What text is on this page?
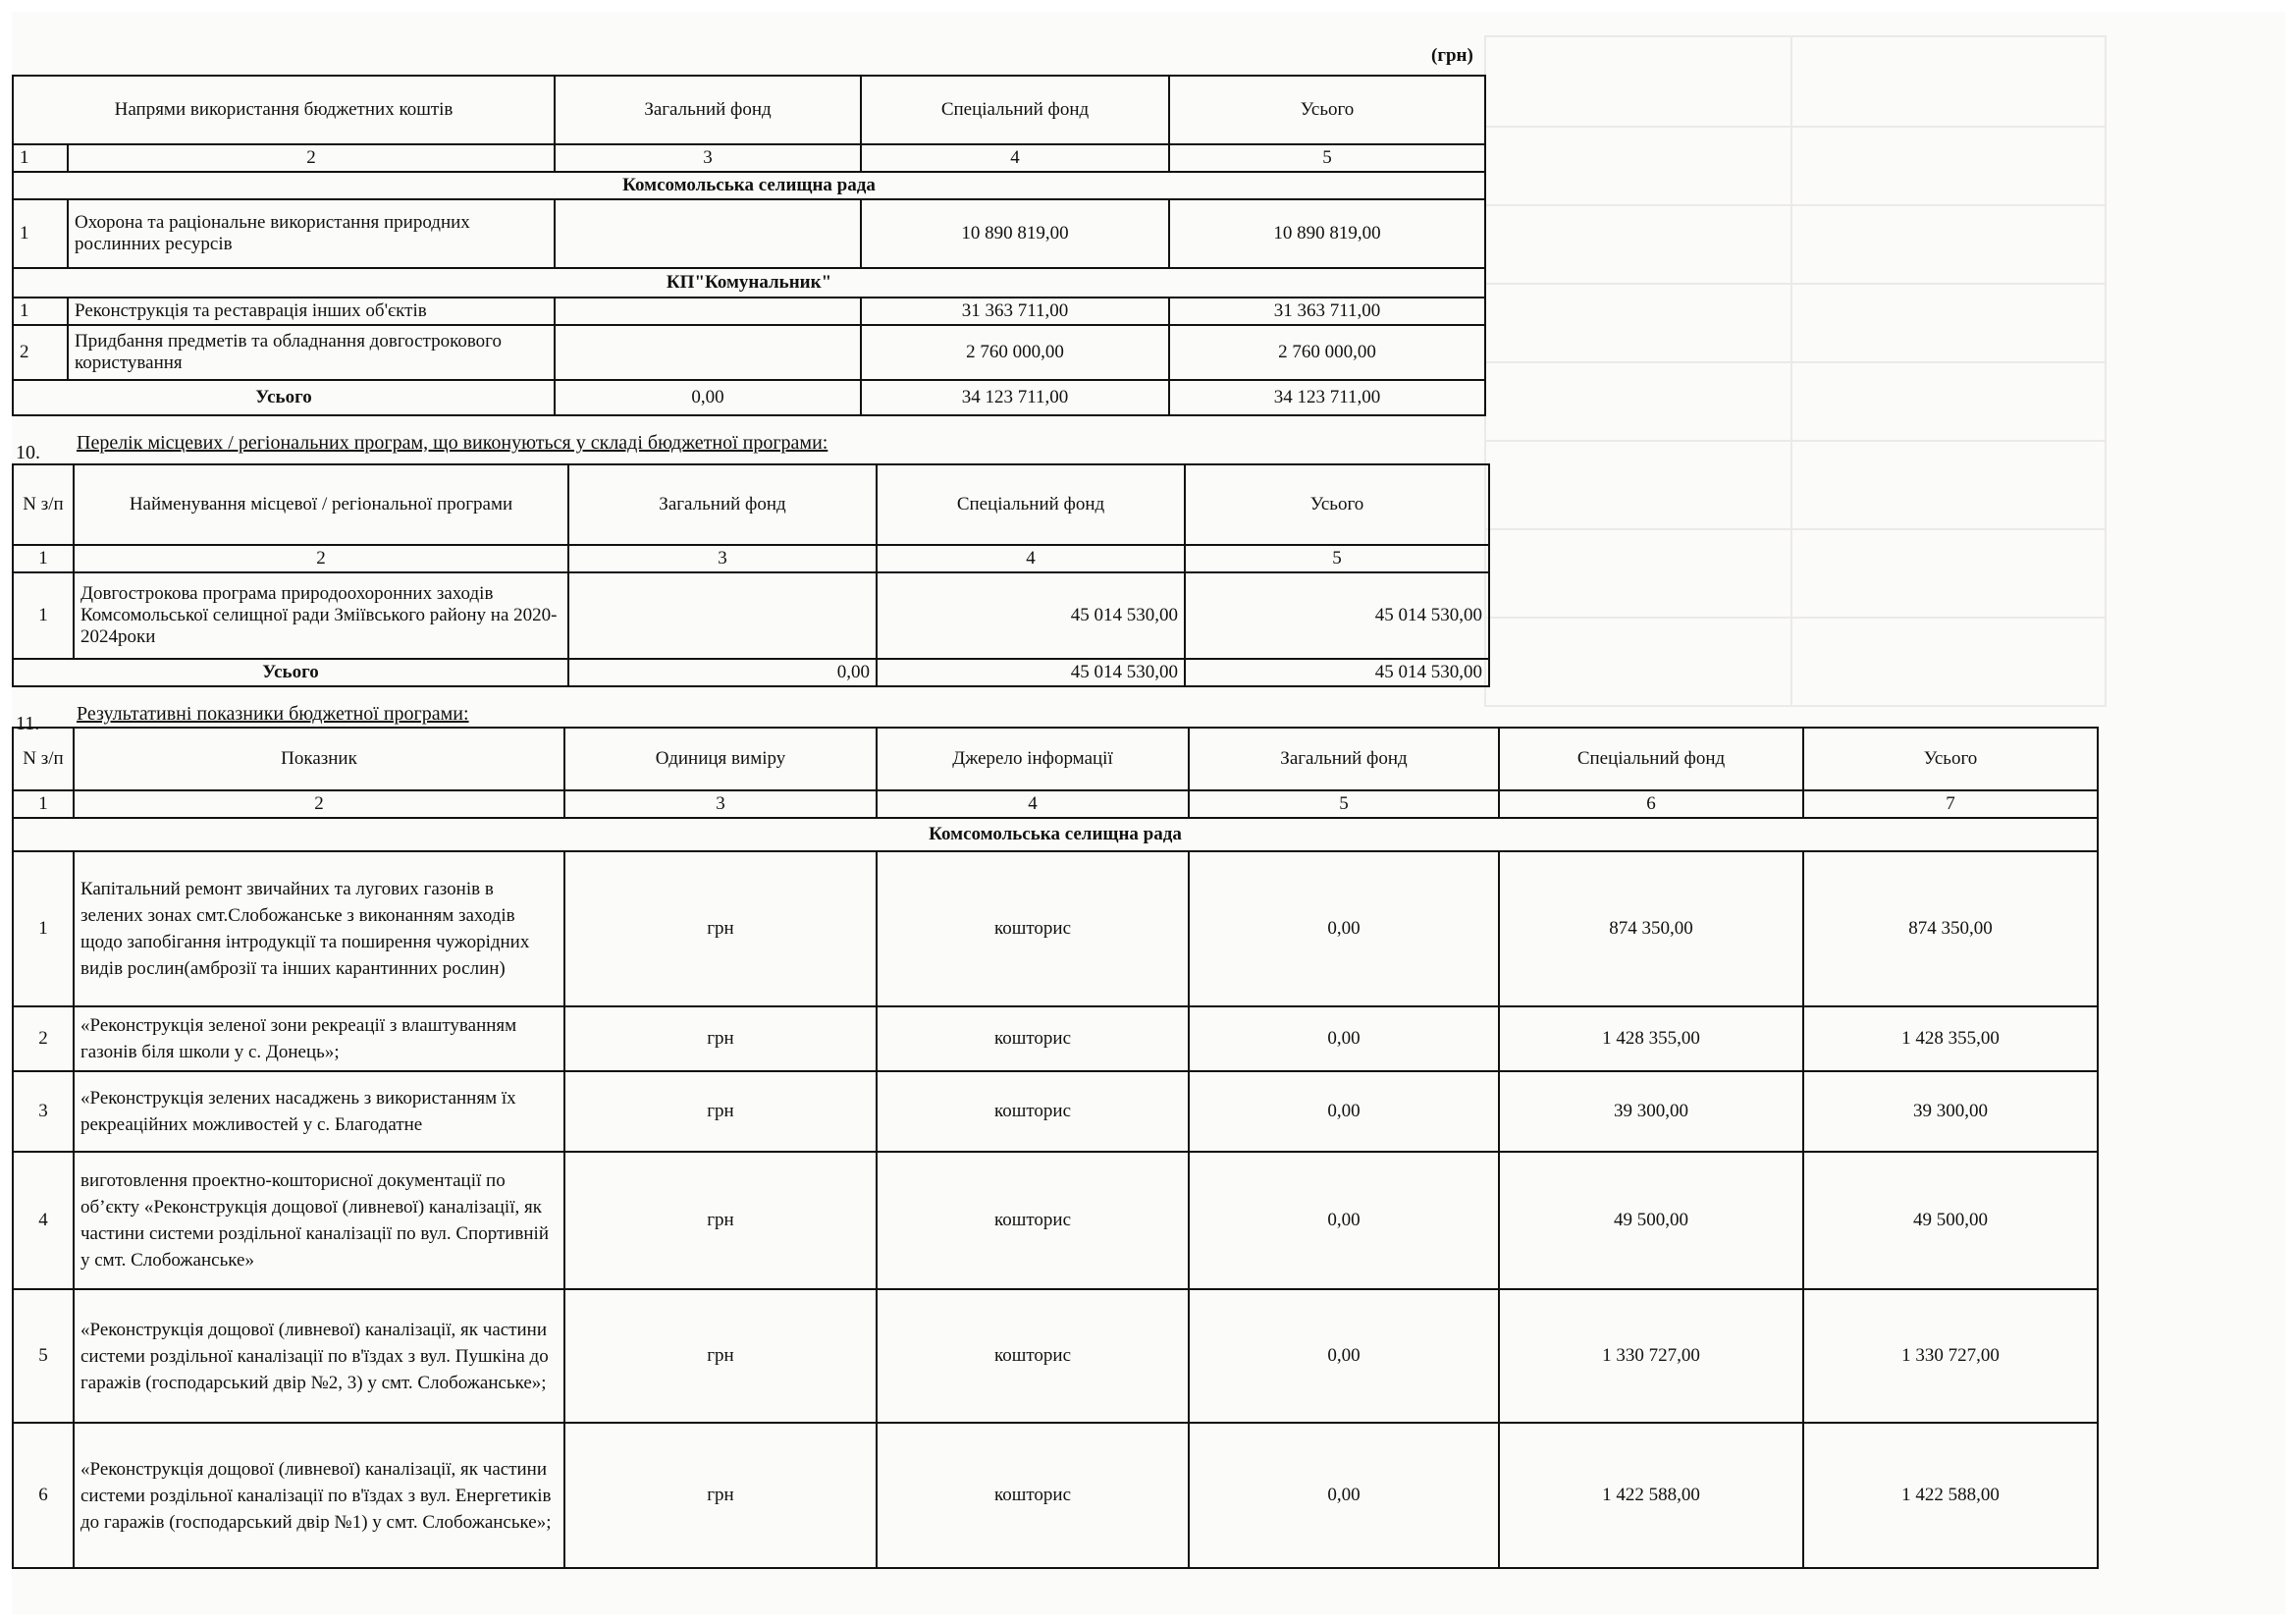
(грн)
Напрями використання бюджетних коштів		Загальний фонд	Спеціальний фонд	Усього
1	2	3	4	5
Комсомольська селищна рада				
1	Охорона та раціональне використання природних рослинних ресурсів		10 890 819,00	10 890 819,00
КП"Комунальник"				
1	Реконструкція та реставрація інших об'єктів		31 363 711,00	31 363 711,00
2	Придбання предметів та обладнання довгострокового користування		2 760 000,00	2 760 000,00
Усього		0,00	34 123 711,00	34 123 711,00
10. Перелік місцевих / регіональних програм, що виконуються у складі бюджетної програми:
N з/п	Найменування місцевої / регіональної програми	Загальний фонд	Спеціальний фонд	Усього
1	2	3	4	5
1	Довгострокова програма природоохоронних заходів Комсомольської селищної ради Змiївського району на 2020-2024роки		45 014 530,00	45 014 530,00
Усього		0,00	45 014 530,00	45 014 530,00
11. Результативні показники бюджетної програми:
N з/п	Показник	Одиниця виміру	Джерело інформації	Загальний фонд	Спеціальний фонд	Усього
1	2	3	4	5	6	7
Комсомольська селищна рада						
1	Капітальний ремонт звичайних та лугових газонів в зелених зонах смт.Слобожанське з виконанням заходів щодо запобігання інтродукції та поширення чужорідних видів рослин(амброзії та інших карантинних рослин)	грн	кошторис	0,00	874 350,00	874 350,00
2	«Реконструкція зеленої зони рекреації з влаштуванням газонів біля школи у с. Донець»;	грн	кошторис	0,00	1 428 355,00	1 428 355,00
3	«Реконструкція зелених насаджень з використанням їх рекреаційних можливостей у с. Благодатне	грн	кошторис	0,00	39 300,00	39 300,00
4	виготовлення проектно-кошторисної документації по об’єкту «Реконструкція дощової (ливневої) каналізації, як частини системи роздільної каналізації по вул. Спортивній у смт. Слобожанське»	грн	кошторис	0,00	49 500,00	49 500,00
5	«Реконструкція дощової (ливневої) каналізації, як частини системи роздільної каналізації по в'їздах з вул. Пушкіна до гаражів (господарський двір №2, 3) у смт. Слобожанське»;	грн	кошторис	0,00	1 330 727,00	1 330 727,00
6	«Реконструкція дощової (ливневої) каналізації, як частини системи роздільної каналізації по в'їздах з вул. Енергетиків до гаражів (господарський двір №1) у смт. Слобожанське»;	грн	кошторис	0,00	1 422 588,00	1 422 588,00
